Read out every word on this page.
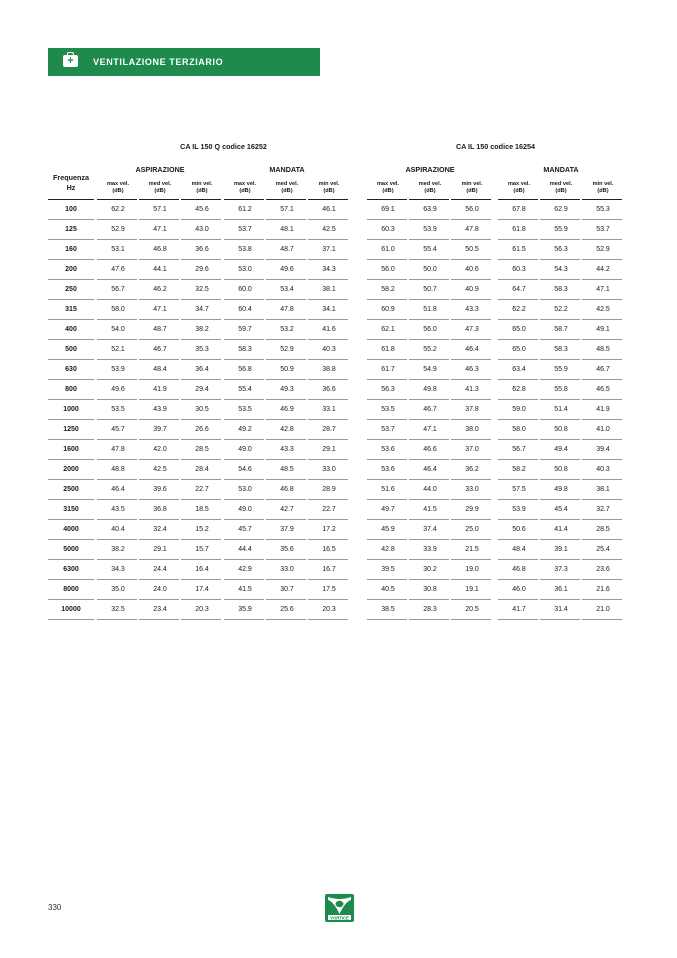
+	VENTILAZIONE TERZIARIO
Frequenza
Hz
CA IL 150 Q codice 16252
ASPIRAZIONE	MANDATA
CA IL 150 codice 16254
ASPIRAZIONE	MANDATA
max vel.
(dB)
med vel.
(dB)
min vel.
(dB)
max vel.
(dB)
med vel.
(dB)
min vel.
(dB)
max vel.
(dB)
med vel.
(dB)
min vel.
(dB)
max vel.
(dB)
med vel.
(dB)
min vel.
(dB)
100	62.2	57.1	45.6	61.2	57.1	46.1	69.1	63.9	56.0	67.8	62.9	55.3
125	52.9	47.1	43.0	53.7	48.1	42.5	60.3	53.9	47.8	61.8	55.9	53.7
160	53.1	46.8	36.6	53.8	48.7	37.1	61.0	55.4	50.5	61.5	56.3	52.9
200	47.6	44.1	29.6	53.0	49.6	34.3	56.0	50.0	40.6	60.3	54.3	44.2
250	56.7	46.2	32.5	60.0	53.4	38.1	58.2	50.7	40.9	64.7	58.3	47.1
315	58.0	47.1	34.7	60.4	47.8	34.1	60.9	51.8	43.3	62.2	52.2	42.5
400	54.0	48.7	38.2	59.7	53.2	41.6	62.1	56.0	47.3	65.0	58.7	49.1
500	52.1	46.7	35.3	58.3	52.9	40.3	61.8	55.2	46.4	65.0	58.3	48.5
630	53.9	48.4	36.4	56.8	50.9	38.8	61.7	54.9	46.3	63.4	55.9	46.7
800	49.6	41.9	29.4	55.4	49.3	36.6	56.3	49.8	41.3	62.8	55.8	46.5
1000	53.5	43.9	30.5	53.5	46.9	33.1	53.5	46.7	37.8	59.0	51.4	41.9
1250	45.7	39.7	26.6	49.2	42.8	28.7	53.7	47.1	38.0	58.0	50.8	41.0
1600	47.8	42.0	28.5	49.0	43.3	29.1	53.6	46.6	37.0	56.7	49.4	39.4
2000	48.8	42.5	28.4	54.6	48.5	33.0	53.6	46.4	36.2	58.2	50.8	40.3
2500	46.4	39.6	22.7	53.0	46.8	28.9	51.6	44.0	33.0	57.5	49.8	38.1
3150	43.5	36.8	18.5	49.0	42.7	22.7	49.7	41.5	29.9	53.9	45.4	32.7
4000	40.4	32.4	15.2	45.7	37.9	17.2	45.9	37.4	25.0	50.6	41.4	28.5
5000	38.2	29.1	15.7	44.4	35.6	16.5	42.8	33.9	21.5	48.4	39.1	25.4
6300	34.3	24.4	16.4	42.9	33.0	16.7	39.5	30.2	19.0	46.8	37.3	23.6
8000	35.0	24.0	17.4	41.5	30.7	17.5	40.5	30.8	19.1	46.0	36.1	21.6
10000	32.5	23.4	20.3	35.9	25.6	20.3	38.5	28.3	20.5	41.7	31.4	21.0
330
VORTICE
